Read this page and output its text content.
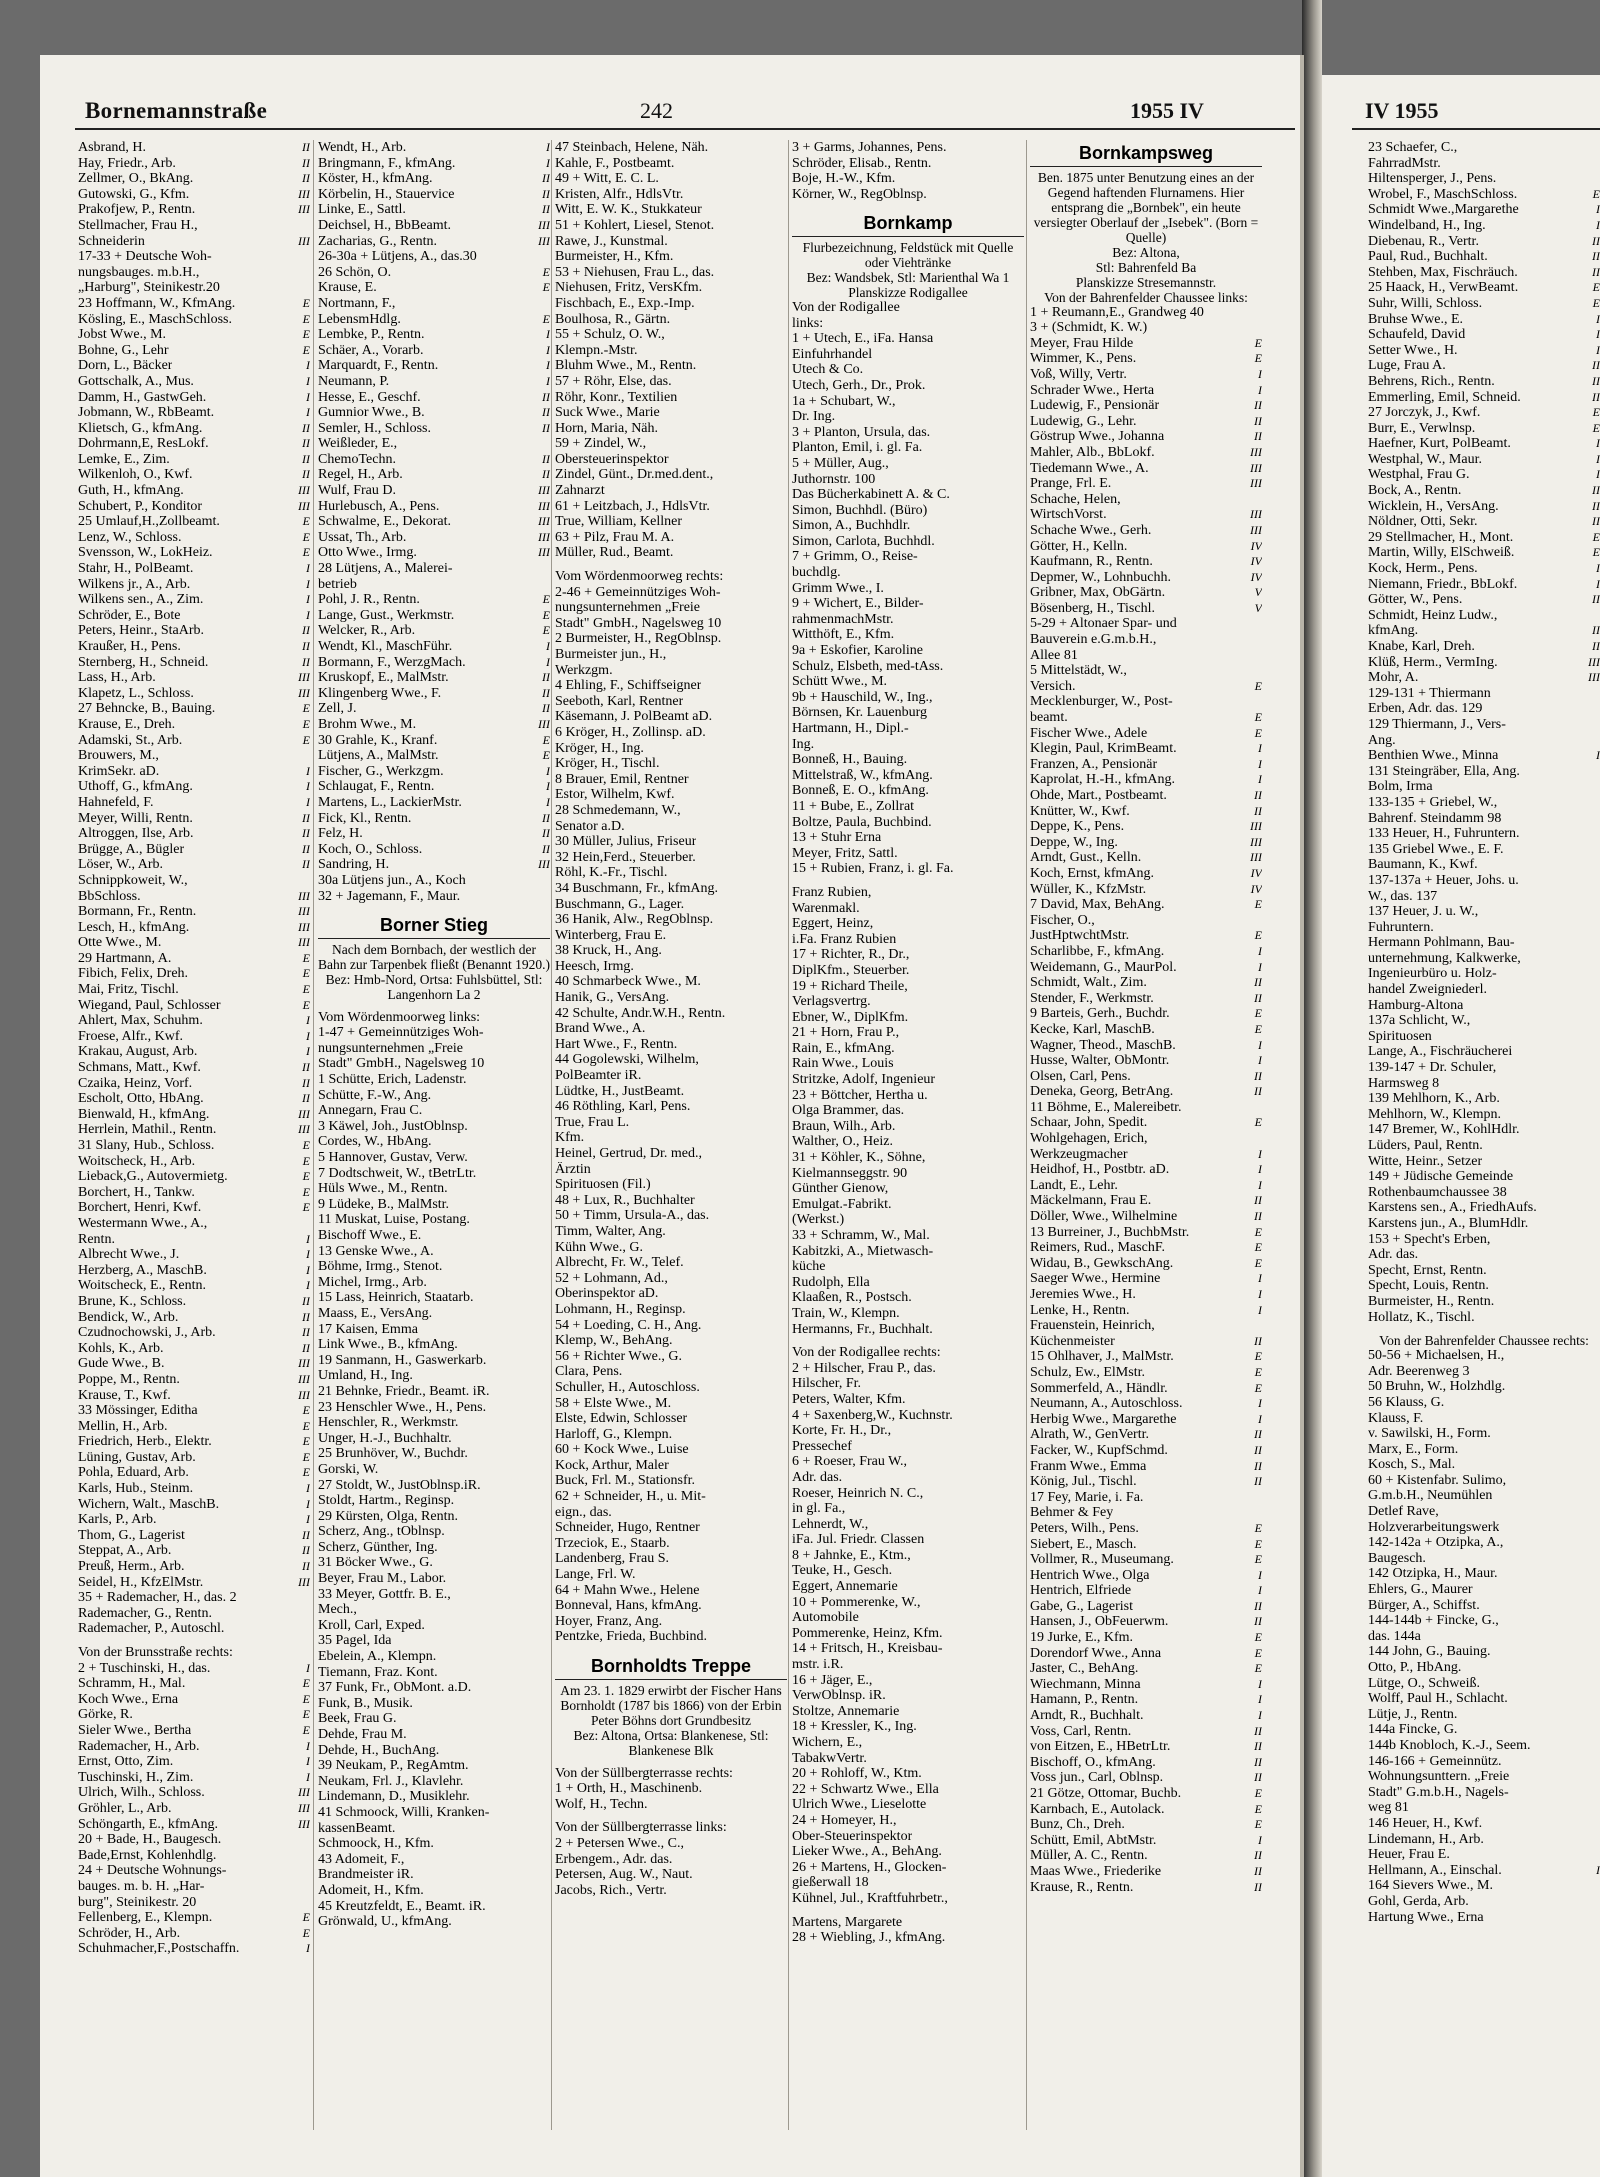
Bornemannstraße	242	1955 IV	IV 1955
Asbrand, H.	II
Hay, Friedr., Arb.	II
Zellmer, O., BkAng.	II
Gutowski, G., Kfm.	III
Prakofjew, P., Rentn.	III
Stellmacher, Frau H.,
Schneiderin	III
17-33 + Deutsche Woh-
nungsbauges. m.b.H.,
„Harburg", Steinikestr.20
23 Hoffmann, W., KfmAng.	E
Kösling, E., MaschSchloss.	E
Jobst Wwe., M.	E
Bohne, G., Lehr	E
Dorn, L., Bäcker	I
Gottschalk, A., Mus.	I
Damm, H., GastwGeh.	I
Jobmann, W., RbBeamt.	I
Klietsch, G., kfmAng.	II
Dohrmann,E, ResLokf.	II
Lemke, E., Zim.	II
Wilkenloh, O., Kwf.	II
Guth, H., kfmAng.	III
Schubert, P., Konditor	III
25 Umlauf,H.,Zollbeamt.	E
Lenz, W., Schloss.	E
Svensson, W., LokHeiz.	E
Stahr, H., PolBeamt.	I
Wilkens jr., A., Arb.	I
Wilkens sen., A., Zim.	I
Schröder, E., Bote	I
Peters, Heinr., StaArb.	II
Kraußer, H., Pens.	II
Sternberg, H., Schneid.	II
Lass, H., Arb.	III
Klapetz, L., Schloss.	III
27 Behncke, B., Bauing.	E
Krause, E., Dreh.	E
Adamski, St., Arb.	E
Brouwers, M.,
KrimSekr. aD.	I
Uthoff, G., kfmAng.	I
Hahnefeld, F.	I
Meyer, Willi, Rentn.	II
Altroggen, Ilse, Arb.	II
Brügge, A., Bügler	II
Löser, W., Arb.	II
Schnippkoweit, W.,
BbSchloss.	III
Bormann, Fr., Rentn.	III
Lesch, H., kfmAng.	III
Otte Wwe., M.	III
29 Hartmann, A.	E
Fibich, Felix, Dreh.	E
Mai, Fritz, Tischl.	E
Wiegand, Paul, Schlosser	E
Ahlert, Max, Schuhm.	I
Froese, Alfr., Kwf.	I
Krakau, August, Arb.	I
Schmans, Matt., Kwf.	II
Czaika, Heinz, Vorf.	II
Escholt, Otto, HbAng.	II
Bienwald, H., kfmAng.	III
Herrlein, Mathil., Rentn.	III
31 Slany, Hub., Schloss.	E
Woitscheck, H., Arb.	E
Lieback,G., Autovermietg.	E
Borchert, H., Tankw.	E
Borchert, Henri, Kwf.	E
Westermann Wwe., A.,
Rentn.	I
Albrecht Wwe., J.	I
Herzberg, A., MaschB.	I
Woitscheck, E., Rentn.	I
Brune, K., Schloss.	II
Bendick, W., Arb.	II
Czudnochowski, J., Arb.	II
Kohls, K., Arb.	II
Gude Wwe., B.	III
Poppe, M., Rentn.	III
Krause, T., Kwf.	III
33 Mössinger, Editha	E
Mellin, H., Arb.	E
Friedrich, Herb., Elektr.	E
Lüning, Gustav, Arb.	E
Pohla, Eduard, Arb.	E
Karls, Hub., Steinm.	I
Wichern, Walt., MaschB.	I
Karls, P., Arb.	I
Thom, G., Lagerist	II
Steppat, A., Arb.	II
Preuß, Herm., Arb.	II
Seidel, H., KfzElMstr.	III
35 + Rademacher, H., das. 2
Rademacher, G., Rentn.
Rademacher, P., Autoschl.
Von der Brunsstraße rechts:
2 + Tuschinski, H., das.	I
Schramm, H., Mal.	E
Koch Wwe., Erna	E
Görke, R.	E
Sieler Wwe., Bertha	E
Rademacher, H., Arb.	I
Ernst, Otto, Zim.	I
Tuschinski, H., Zim.	I
Ulrich, Wilh., Schloss.	III
Gröhler, L., Arb.	III
Schöngarth, E., kfmAng.	III
20 + Bade, H., Baugesch.
Bade,Ernst, Kohlenhdlg.
24 + Deutsche Wohnungs-
bauges. m. b. H. „Har-
burg", Steinikestr. 20
Fellenberg, E., Klempn.	E
Schröder, H., Arb.	E
Schuhmacher,F.,Postschaffn.	I
Wendt, H., Arb.	I
Bringmann, F., kfmAng.	I
Köster, H., kfmAng.	II
Körbelin, H., Stauervice	II
Linke, E., Sattl.	II
Deichsel, H., BbBeamt.	III
Zacharias, G., Rentn.	III
26-30a + Lütjens, A., das.30
26 Schön, O.	E
Krause, E.	E
Nortmann, F.,
LebensmHdlg.	E
Lembke, P., Rentn.	I
Schäer, A., Vorarb.	I
Marquardt, F., Rentn.	I
Neumann, P.	I
Hesse, E., Geschf.	II
Gumnior Wwe., B.	II
Semler, H., Schloss.	II
Weißleder, E.,
ChemoTechn.	II
Regel, H., Arb.	II
Wulf, Frau D.	III
Hurlebusch, A., Pens.	III
Schwalme, E., Dekorat.	III
Ussat, Th., Arb.	III
Otto Wwe., Irmg.	III
28 Lütjens, A., Malerei-
betrieb
Pohl, J. R., Rentn.	E
Lange, Gust., Werkmstr.	E
Welcker, R., Arb.	E
Wendt, Kl., MaschFühr.	I
Bormann, F., WerzgMach.	I
Kruskopf, E., MalMstr.	II
Klingenberg Wwe., F.	II
Zell, J.	II
Brohm Wwe., M.	III
30 Grahle, K., Kranf.	E
Lütjens, A., MalMstr.	E
Fischer, G., Werkzgm.	I
Schlaugat, F., Rentn.	I
Martens, L., LackierMstr.	I
Fick, Kl., Rentn.	II
Felz, H.	II
Koch, O., Schloss.	II
Sandring, H.	III
30a Lütjens jun., A., Koch
32 + Jagemann, F., Maur.
Borner Stieg
Nach dem Bornbach, der westlich der Bahn zur Tarpenbek fließt (Benannt 1920.)
Bez: Hmb-Nord, Ortsa: Fuhlsbüttel, Stl: Langenhorn La 2
Vom Wördenmoorweg links:
1-47 + Gemeinnütziges Woh-
nungsunternehmen „Freie
Stadt" GmbH., Nagelsweg 10
1 Schütte, Erich, Ladenstr.
Schütte, F.-W., Ang.
Annegarn, Frau C.
3 Käwel, Joh., JustOblnsp.
Cordes, W., HbAng.
5 Hannover, Gustav, Verw.
7 Dodtschweit, W., tBetrLtr.
Hüls Wwe., M., Rentn.
9 Lüdeke, B., MalMstr.
11 Muskat, Luise, Postang.
Bischoff Wwe., E.
13 Genske Wwe., A.
Böhme, Irmg., Stenot.
Michel, Irmg., Arb.
15 Lass, Heinrich, Staatarb.
Maass, E., VersAng.
17 Kaisen, Emma
Link Wwe., B., kfmAng.
19 Sanmann, H., Gaswerkarb.
Umland, H., Ing.
21 Behnke, Friedr., Beamt. iR.
23 Henschler Wwe., H., Pens.
Henschler, R., Werkmstr.
Unger, H.-J., Buchhaltr.
25 Brunhöver, W., Buchdr.
Gorski, W.
27 Stoldt, W., JustOblnsp.iR.
Stoldt, Hartm., Reginsp.
29 Kürsten, Olga, Rentn.
Scherz, Ang., tOblnsp.
Scherz, Günther, Ing.
31 Böcker Wwe., G.
Beyer, Frau M., Labor.
33 Meyer, Gottfr. B. E.,
Mech.,
Kroll, Carl, Exped.
35 Pagel, Ida
Ebelein, A., Klempn.
Tiemann, Fraz. Kont.
37 Funk, Fr., ObMont. a.D.
Funk, B., Musik.
Beek, Frau G.
Dehde, Frau M.
Dehde, H., BuchAng.
39 Neukam, P., RegAmtm.
Neukam, Frl. J., Klavlehr.
Lindemann, D., Musiklehr.
41 Schmoock, Willi, Kranken-
kassenBeamt.
Schmoock, H., Kfm.
43 Adomeit, F.,
Brandmeister iR.
Adomeit, H., Kfm.
45 Kreutzfeldt, E., Beamt. iR.
Grönwald, U., kfmAng.
47 Steinbach, Helene, Näh.
Kahle, F., Postbeamt.
49 + Witt, E. C. L.
Kristen, Alfr., HdlsVtr.
Witt, E. W. K., Stukkateur
51 + Kohlert, Liesel, Stenot.
Rawe, J., Kunstmal.
Burmeister, H., Kfm.
53 + Niehusen, Frau L., das.
Niehusen, Fritz, VersKfm.
Fischbach, E., Exp.-Imp.
Boulhosa, R., Gärtn.
55 + Schulz, O. W.,
Klempn.-Mstr.
Bluhm Wwe., M., Rentn.
57 + Röhr, Else, das.
Röhr, Konr., Textilien
Suck Wwe., Marie
Horn, Maria, Näh.
59 + Zindel, W.,
Obersteuerinspektor
Zindel, Günt., Dr.med.dent.,
Zahnarzt
61 + Leitzbach, J., HdlsVtr.
True, William, Kellner
63 + Pilz, Frau M. A.
Müller, Rud., Beamt.
Vom Wördenmoorweg rechts:
2-46 + Gemeinnütziges Woh-
nungsunternehmen „Freie
Stadt" GmbH., Nagelsweg 10
2 Burmeister, H., RegOblnsp.
Burmeister jun., H.,
Werkzgm.
4 Ehling, F., Schiffseigner
Seeboth, Karl, Rentner
Käsemann, J. PolBeamt aD.
6 Kröger, H., Zollinsp. aD.
Kröger, H., Ing.
Kröger, H., Tischl.
8 Brauer, Emil, Rentner
Estor, Wilhelm, Kwf.
28 Schmedemann, W.,
Senator a.D.
30 Müller, Julius, Friseur
32 Hein,Ferd., Steuerber.
Röhl, K.-Fr., Tischl.
34 Buschmann, Fr., kfmAng.
Buschmann, G., Lager.
36 Hanik, Alw., RegOblnsp.
Winterberg, Frau E.
38 Kruck, H., Ang.
Heesch, Irmg.
40 Schmarbeck Wwe., M.
Hanik, G., VersAng.
42 Schulte, Andr.W.H., Rentn.
Brand Wwe., A.
Hart Wwe., F., Rentn.
44 Gogolewski, Wilhelm,
PolBeamter iR.
Lüdtke, H., JustBeamt.
46 Röthling, Karl, Pens.
True, Frau L.
Kfm.
Heinel, Gertrud, Dr. med.,
Ärztin
Spirituosen (Fil.)
48 + Lux, R., Buchhalter
50 + Timm, Ursula-A., das.
Timm, Walter, Ang.
Kühn Wwe., G.
Albrecht, Fr. W., Telef.
52 + Lohmann, Ad.,
Oberinspektor aD.
Lohmann, H., Reginsp.
54 + Loeding, C. H., Ang.
Klemp, W., BehAng.
56 + Richter Wwe., G.
Clara, Pens.
Schuller, H., Autoschloss.
58 + Elste Wwe., M.
Elste, Edwin, Schlosser
Harloff, G., Klempn.
60 + Kock Wwe., Luise
Kock, Arthur, Maler
Buck, Frl. M., Stationsfr.
62 + Schneider, H., u. Mit-
eign., das.
Schneider, Hugo, Rentner
Trzeciok, E., Staarb.
Landenberg, Frau S.
Lange, Frl. W.
64 + Mahn Wwe., Helene
Bonneval, Hans, kfmAng.
Hoyer, Franz, Ang.
Pentzke, Frieda, Buchbind.
Bornholdts Treppe
Am 23. 1. 1829 erwirbt der Fischer Hans Bornholdt (1787 bis 1866) von der Erbin Peter Böhns dort Grundbesitz
Bez: Altona, Ortsa: Blankenese, Stl: Blankenese Blk
Von der Süllbergterrasse rechts:
1 + Orth, H., Maschinenb.
Wolf, H., Techn.
Von der Süllbergterrasse links:
2 + Petersen Wwe., C.,
Erbengem., Adr. das.
Petersen, Aug. W., Naut.
Jacobs, Rich., Vertr.
3 + Garms, Johannes, Pens.
Schröder, Elisab., Rentn.
Boje, H.-W., Kfm.
Körner, W., RegOblnsp.
Bornkamp
Flurbezeichnung, Feldstück mit Quelle oder Viehtränke
Bez: Wandsbek, Stl: Marienthal Wa 1
Planskizze Rodigallee
Von der Rodigallee
links:
1 + Utech, E., iFa. Hansa
Einfuhrhandel
Utech & Co.
Utech, Gerh., Dr., Prok.
1a + Schubart, W.,
Dr. Ing.
3 + Planton, Ursula, das.
Planton, Emil, i. gl. Fa.
5 + Müller, Aug.,
Juthornstr. 100
Das Bücherkabinett A. & C.
Simon, Buchhdl. (Büro)
Simon, A., Buchhdlr.
Simon, Carlota, Buchhdl.
7 + Grimm, O., Reise-
buchdlg.
Grimm Wwe., I.
9 + Wichert, E., Bilder-
rahmenmachMstr.
Witthöft, E., Kfm.
9a + Eskofier, Karoline
Schulz, Elsbeth, med-tAss.
Schütt Wwe., M.
9b + Hauschild, W., Ing.,
Börnsen, Kr. Lauenburg
Hartmann, H., Dipl.-
Ing.
Bonneß, H., Bauing.
Mittelstraß, W., kfmAng.
Bonneß, E. O., kfmAng.
11 + Bube, E., Zollrat
Boltze, Paula, Buchbind.
13 + Stuhr Erna
Meyer, Fritz, Sattl.
15 + Rubien, Franz, i. gl. Fa.
Franz Rubien,
Warenmakl.
Eggert, Heinz,
i.Fa. Franz Rubien
17 + Richter, R., Dr.,
DiplKfm., Steuerber.
19 + Richard Theile,
Verlagsvertrg.
Ebner, W., DiplKfm.
21 + Horn, Frau P.,
Rain, E., kfmAng.
Rain Wwe., Louis
Stritzke, Adolf, Ingenieur
23 + Böttcher, Hertha u.
Olga Brammer, das.
Braun, Wilh., Arb.
Walther, O., Heiz.
31 + Köhler, K., Söhne,
Kielmannseggstr. 90
Günther Gienow,
Emulgat.-Fabrikt.
(Werkst.)
33 + Schramm, W., Mal.
Kabitzki, A., Mietwasch-
küche
Rudolph, Ella
Klaaßen, R., Postsch.
Train, W., Klempn.
Hermanns, Fr., Buchhalt.
Von der Rodigallee rechts:
2 + Hilscher, Frau P., das.
Hilscher, Fr.
Peters, Walter, Kfm.
4 + Saxenberg,W., Kuchnstr.
Korte, Fr. H., Dr.,
Pressechef
6 + Roeser, Frau W.,
Adr. das.
Roeser, Heinrich N. C.,
in gl. Fa.,
Lehnerdt, W.,
iFa. Jul. Friedr. Classen
8 + Jahnke, E., Ktm.,
Teuke, H., Gesch.
Eggert, Annemarie
10 + Pommerenke, W.,
Automobile
Pommerenke, Heinz, Kfm.
14 + Fritsch, H., Kreisbau-
mstr. i.R.
16 + Jäger, E.,
VerwOblnsp. iR.
Stoltze, Annemarie
18 + Kressler, K., Ing.
Wichern, E.,
TabakwVertr.
20 + Rohloff, W., Ktm.
22 + Schwartz Wwe., Ella
Ulrich Wwe., Lieselotte
24 + Homeyer, H.,
Ober-Steuerinspektor
Lieker Wwe., A., BehAng.
26 + Martens, H., Glocken-
gießerwall 18
Kühnel, Jul., Kraftfuhrbetr.,
Martens, Margarete
28 + Wiebling, J., kfmAng.
Bornkampsweg
Ben. 1875 unter Benutzung eines an der Gegend haftenden Flurnamens. Hier entsprang die „Bornbek", ein heute versiegter Oberlauf der „Isebek". (Born = Quelle)
Bez: Altona,
Stl: Bahrenfeld Ba
Planskizze Stresemannstr.
Von der Bahrenfelder Chaussee links:
1 + Reumann,E., Grandweg 40
3 + (Schmidt, K. W.)
Meyer, Frau Hilde	E
Wimmer, K., Pens.	E
Voß, Willy, Vertr.	I
Schrader Wwe., Herta	I
Ludewig, F., Pensionär	II
Ludewig, G., Lehr.	II
Göstrup Wwe., Johanna	II
Mahler, Alb., BbLokf.	III
Tiedemann Wwe., A.	III
Prange, Frl. E.	III
Schache, Helen,
WirtschVorst.	III
Schache Wwe., Gerh.	III
Götter, H., Kelln.	IV
Kaufmann, R., Rentn.	IV
Depmer, W., Lohnbuchh.	IV
Gribner, Max, ObGärtn.	V
Bösenberg, H., Tischl.	V
5-29 + Altonaer Spar- und
Bauverein e.G.m.b.H.,
Allee 81
5 Mittelstädt, W.,
Versich.	E
Mecklenburger, W., Post-
beamt.	E
Fischer Wwe., Adele	E
Klegin, Paul, KrimBeamt.	I
Franzen, A., Pensionär	I
Kaprolat, H.-H., kfmAng.	I
Ohde, Mart., Postbeamt.	II
Knütter, W., Kwf.	II
Deppe, K., Pens.	III
Deppe, W., Ing.	III
Arndt, Gust., Kelln.	III
Koch, Ernst, kfmAng.	IV
Wüller, K., KfzMstr.	IV
7 David, Max, BehAng.	E
Fischer, O.,
JustHptwchtMstr.	E
Scharlibbe, F., kfmAng.	I
Weidemann, G., MaurPol.	I
Schmidt, Walt., Zim.	II
Stender, F., Werkmstr.	II
9 Barteis, Gerh., Buchdr.	E
Kecke, Karl, MaschB.	E
Wagner, Theod., MaschB.	I
Husse, Walter, ObMontr.	I
Olsen, Carl, Pens.	II
Deneka, Georg, BetrAng.	II
11 Böhme, E., Malereibetr.
Schaar, John, Spedit.	E
Wohlgehagen, Erich,
Werkzeugmacher	I
Heidhof, H., Postbtr. aD.	I
Landt, E., Lehr.	I
Mäckelmann, Frau E.	II
Döller, Wwe., Wilhelmine	II
13 Burreiner, J., BuchbMstr.	E
Reimers, Rud., MaschF.	E
Widau, B., GewkschAng.	E
Saeger Wwe., Hermine	I
Jeremies Wwe., H.	I
Lenke, H., Rentn.	I
Frauenstein, Heinrich,
Küchenmeister	II
15 Ohlhaver, J., MalMstr.	E
Schulz, Ew., ElMstr.	E
Sommerfeld, A., Händlr.	E
Neumann, A., Autoschloss.	I
Herbig Wwe., Margarethe	I
Alrath, W., GenVertr.	II
Facker, W., KupfSchmd.	II
Franm Wwe., Emma	II
König, Jul., Tischl.	II
17 Fey, Marie, i. Fa.
Behmer & Fey
Peters, Wilh., Pens.	E
Siebert, E., Masch.	E
Vollmer, R., Museumang.	E
Hentrich Wwe., Olga	I
Hentrich, Elfriede	I
Gabe, G., Lagerist	II
Hansen, J., ObFeuerwm.	II
19 Jurke, E., Kfm.	E
Dorendorf Wwe., Anna	E
Jaster, C., BehAng.	E
Wiechmann, Minna	I
Hamann, P., Rentn.	I
Arndt, R., Buchhalt.	I
Voss, Carl, Rentn.	II
von Eitzen, E., HBetrLtr.	II
Bischoff, O., kfmAng.	II
Voss jun., Carl, Oblnsp.	II
21 Götze, Ottomar, Buchb.	E
Karnbach, E., Autolack.	E
Bunz, Ch., Dreh.	E
Schütt, Emil, AbtMstr.	I
Müller, A. C., Rentn.	II
Maas Wwe., Friederike	II
Krause, R., Rentn.	II
23 Schaefer, C.,
FahrradMstr.
Hiltensperger, J., Pens.
Wrobel, F., MaschSchloss.	E
Schmidt Wwe.,Margarethe	I
Windelband, H., Ing.	I
Diebenau, R., Vertr.	II
Paul, Rud., Buchhalt.	II
Stehben, Max, Fischräuch.	II
25 Haack, H., VerwBeamt.	E
Suhr, Willi, Schloss.	E
Bruhse Wwe., E.	I
Schaufeld, David	I
Setter Wwe., H.	I
Luge, Frau A.	II
Behrens, Rich., Rentn.	II
Emmerling, Emil, Schneid.	II
27 Jorczyk, J., Kwf.	E
Burr, E., Verwlnsp.	E
Haefner, Kurt, PolBeamt.	I
Westphal, W., Maur.	I
Westphal, Frau G.	I
Bock, A., Rentn.	II
Wicklein, H., VersAng.	II
Nöldner, Otti, Sekr.	II
29 Stellmacher, H., Mont.	E
Martin, Willy, ElSchweiß.	E
Kock, Herm., Pens.	I
Niemann, Friedr., BbLokf.	I
Götter, W., Pens.	II
Schmidt, Heinz Ludw.,
kfmAng.	II
Knabe, Karl, Dreh.	II
Klüß, Herm., VermIng.	III
Mohr, A.	III
129-131 + Thiermann
Erben, Adr. das. 129
129 Thiermann, J., Vers-
Ang.
Benthien Wwe., Minna	I
131 Steingräber, Ella, Ang.
Bolm, Irma
133-135 + Griebel, W.,
Bahrenf. Steindamm 98
133 Heuer, H., Fuhruntern.
135 Griebel Wwe., E. F.
Baumann, K., Kwf.
137-137a + Heuer, Johs. u.
W., das. 137
137 Heuer, J. u. W.,
Fuhruntern.
Hermann Pohlmann, Bau-
unternehmung, Kalkwerke,
Ingenieurbüro u. Holz-
handel Zweigniederl.
Hamburg-Altona
137a Schlicht, W.,
Spirituosen
Lange, A., Fischräucherei
139-147 + Dr. Schuler,
Harmsweg 8
139 Mehlhorn, K., Arb.
Mehlhorn, W., Klempn.
147 Bremer, W., KohlHdlr.
Lüders, Paul, Rentn.
Witte, Heinr., Setzer
149 + Jüdische Gemeinde
Rothenbaumchaussee 38
Karstens sen., A., FriedhAufs.
Karstens jun., A., BlumHdlr.
153 + Specht's Erben,
Adr. das.
Specht, Ernst, Rentn.
Specht, Louis, Rentn.
Burmeister, H., Rentn.
Hollatz, K., Tischl.
Von der Bahrenfelder Chaussee rechts:
50-56 + Michaelsen, H.,
Adr. Beerenweg 3
50 Bruhn, W., Holzhdlg.
56 Klauss, G.
Klauss, F.
v. Sawilski, H., Form.
Marx, E., Form.
Kosch, S., Mal.
60 + Kistenfabr. Sulimo,
G.m.b.H., Neumühlen
Detlef Rave,
Holzverarbeitungswerk
142-142a + Otzipka, A.,
Baugesch.
142 Otzipka, H., Maur.
Ehlers, G., Maurer
Bürger, A., Schiffst.
144-144b + Fincke, G.,
das. 144a
144 John, G., Bauing.
Otto, P., HbAng.
Lütge, O., Schweiß.
Wolff, Paul H., Schlacht.
Lütje, J., Rentn.
144a Fincke, G.
144b Knobloch, K.-J., Seem.
146-166 + Gemeinnütz.
Wohnungsunttern. „Freie
Stadt" G.m.b.H., Nagels-
weg 81
146 Heuer, H., Kwf.
Lindemann, H., Arb.
Heuer, Frau E.
Hellmann, A., Einschal.	I
164 Sievers Wwe., M.
Gohl, Gerda, Arb.
Hartung Wwe., Erna
